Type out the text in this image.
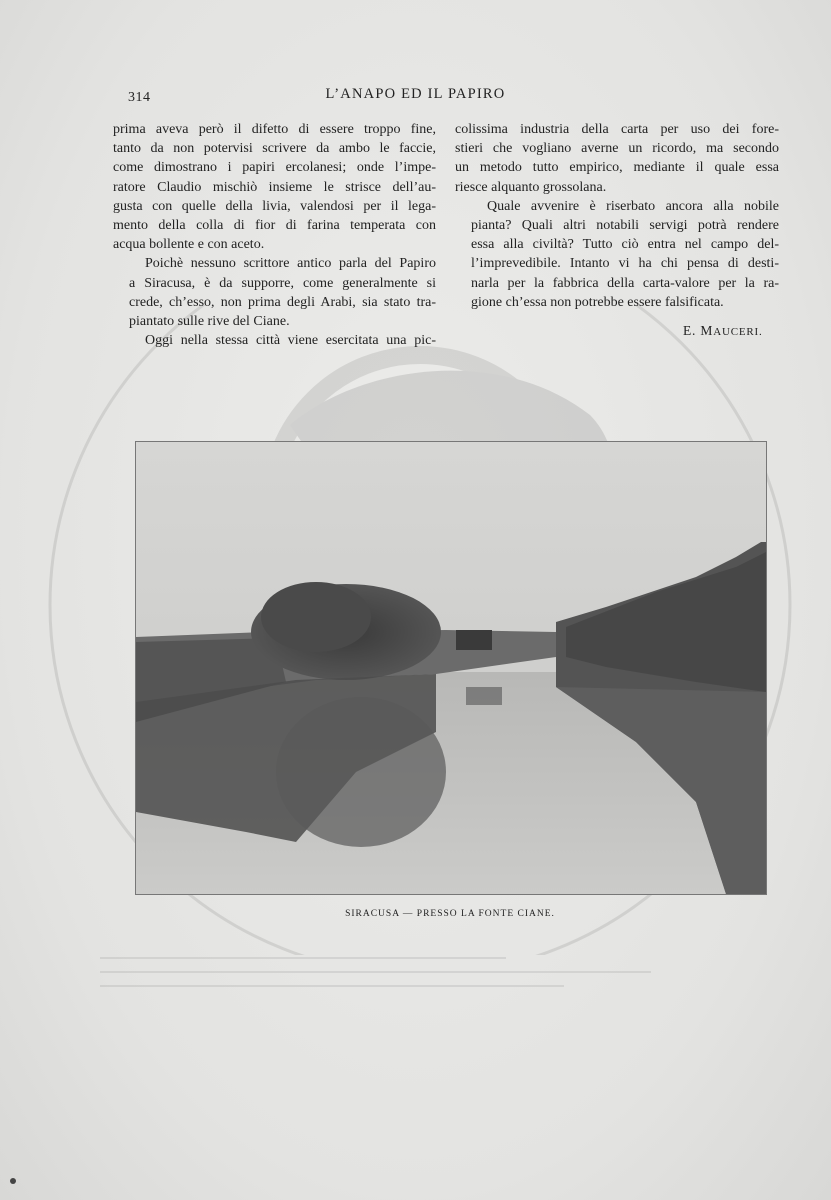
314	L’ANAPO ED IL PAPIRO

prima aveva però il difetto di essere troppo fine,
tanto da non potervisi scrivere da ambo le faccie,
come dimostrano i papiri ercolanesi; onde l’impe-
ratore Claudio mischiò insieme le strisce dell’au-
gusta con quelle della livia, valendosi per il lega-
mento della colla di fior di farina temperata con
acqua bollente e con aceto.

Poichè nessuno scrittore antico parla del Papiro
a Siracusa, è da supporre, come generalmente si
crede, ch’esso, non prima degli Arabi, sia stato tra-
piantato sulle rive del Ciane.

Oggi nella stessa città viene esercitata una pic-

colissima industria della carta per uso dei fore-
stieri che vogliano averne un ricordo, ma secondo
un metodo tutto empirico, mediante il quale essa
riesce alquanto grossolana.

Quale avvenire è riserbato ancora alla nobile
pianta? Quali altri notabili servigi potrà rendere
essa alla civiltà? Tutto ciò entra nel campo del-
l’imprevedibile. Intanto vi ha chi pensa di desti-
narla per la fabbrica della carta-valore per la ra-
gione ch’essa non potrebbe essere falsificata.

E. MAUCERI.
SIRACUSA — PRESSO LA FONTE CIANE.
